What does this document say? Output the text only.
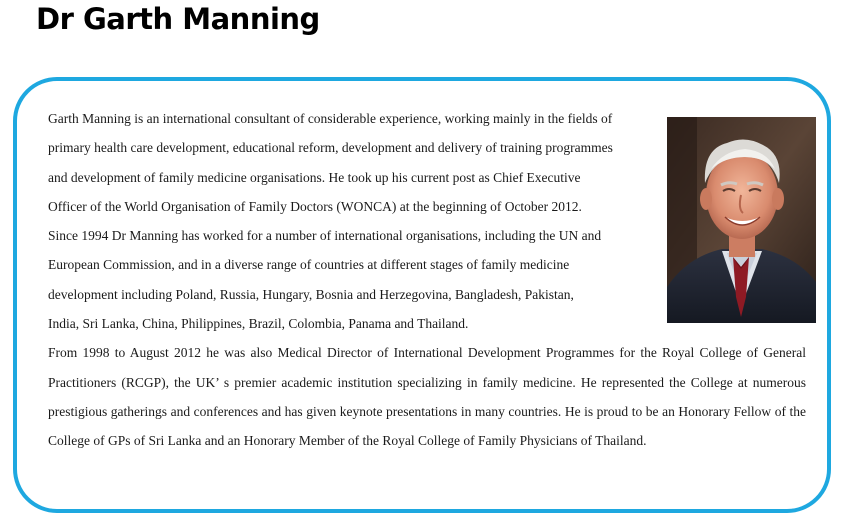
Dr Garth Manning
Garth Manning is an international consultant of considerable experience, working mainly in the fields of
primary health care development, educational reform, development and delivery of training programmes
and development of family medicine organisations. He took up his current post as Chief Executive
Officer of the World Organisation of Family Doctors (WONCA) at the beginning of October 2012.
Since 1994 Dr Manning has worked for a number of international organisations, including the UN and
European Commission, and in a diverse range of countries at different stages of family medicine
development including Poland, Russia, Hungary, Bosnia and Herzegovina, Bangladesh, Pakistan,
India, Sri Lanka, China, Philippines, Brazil, Colombia, Panama and Thailand.

From 1998 to August 2012 he was also Medical Director of International Development Programmes for the Royal College of General Practitioners (RCGP), the UK’ s premier academic institution specializing in family medicine. He represented the College at numerous prestigious gatherings and conferences and has given keynote presentations in many countries. He is proud to be an Honorary Fellow of the College of GPs of Sri Lanka and an Honorary Member of the Royal College of Family Physicians of Thailand.
